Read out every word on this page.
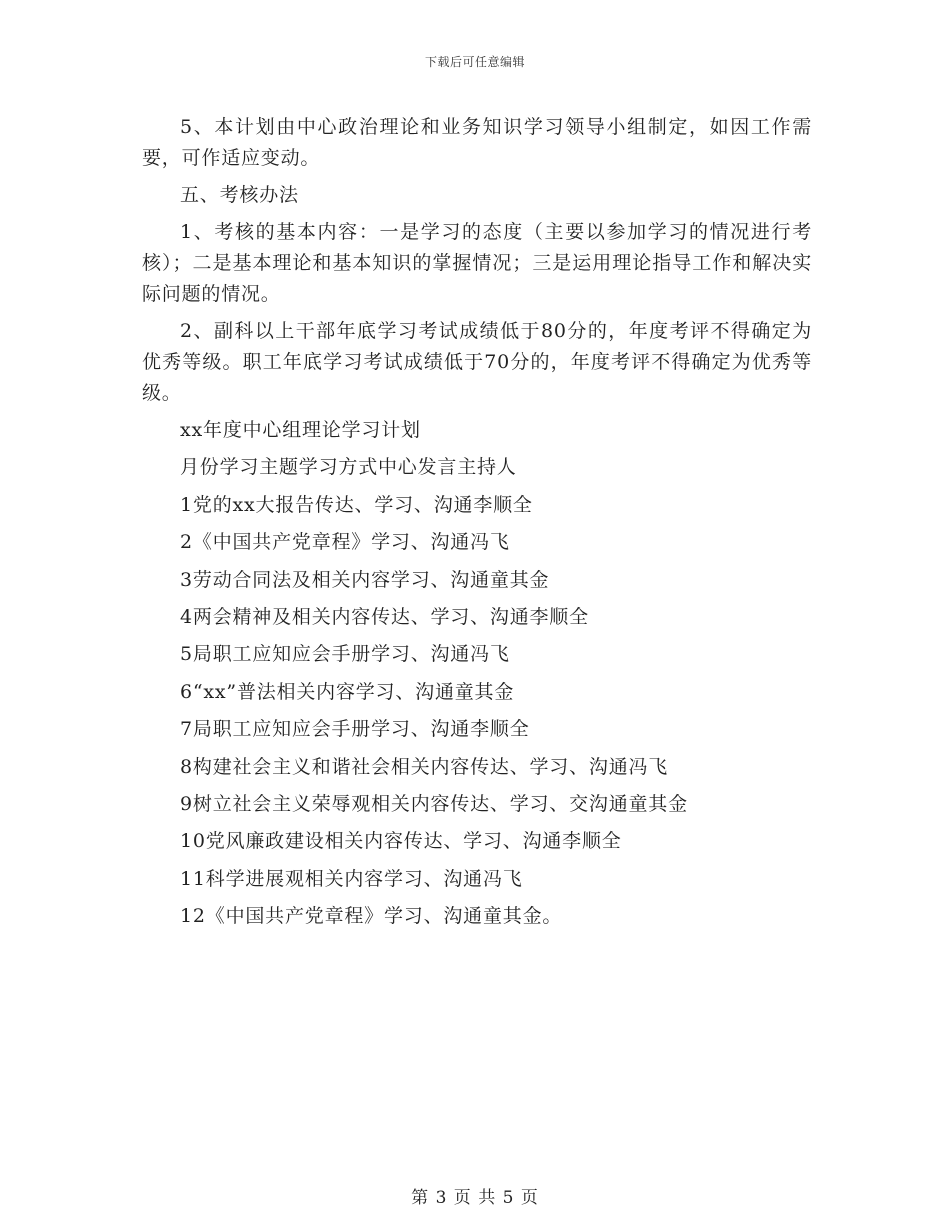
下载后可任意编辑

5、本计划由中心政治理论和业务知识学习领导小组制定，如因工作需要，可作适应变动。

五、考核办法

1、考核的基本内容：一是学习的态度（主要以参加学习的情况进行考核）；二是基本理论和基本知识的掌握情况；三是运用理论指导工作和解决实际问题的情况。

2、副科以上干部年底学习考试成绩低于80分的，年度考评不得确定为优秀等级。职工年底学习考试成绩低于70分的，年度考评不得确定为优秀等级。

xx年度中心组理论学习计划

月份学习主题学习方式中心发言主持人

1党的xx大报告传达、学习、沟通李顺全

2《中国共产党章程》学习、沟通冯飞

3劳动合同法及相关内容学习、沟通童其金

4两会精神及相关内容传达、学习、沟通李顺全

5局职工应知应会手册学习、沟通冯飞

6“xx”普法相关内容学习、沟通童其金

7局职工应知应会手册学习、沟通李顺全

8构建社会主义和谐社会相关内容传达、学习、沟通冯飞

9树立社会主义荣辱观相关内容传达、学习、交沟通童其金

10党风廉政建设相关内容传达、学习、沟通李顺全

11科学进展观相关内容学习、沟通冯飞

12《中国共产党章程》学习、沟通童其金。

第 3 页 共 5 页
